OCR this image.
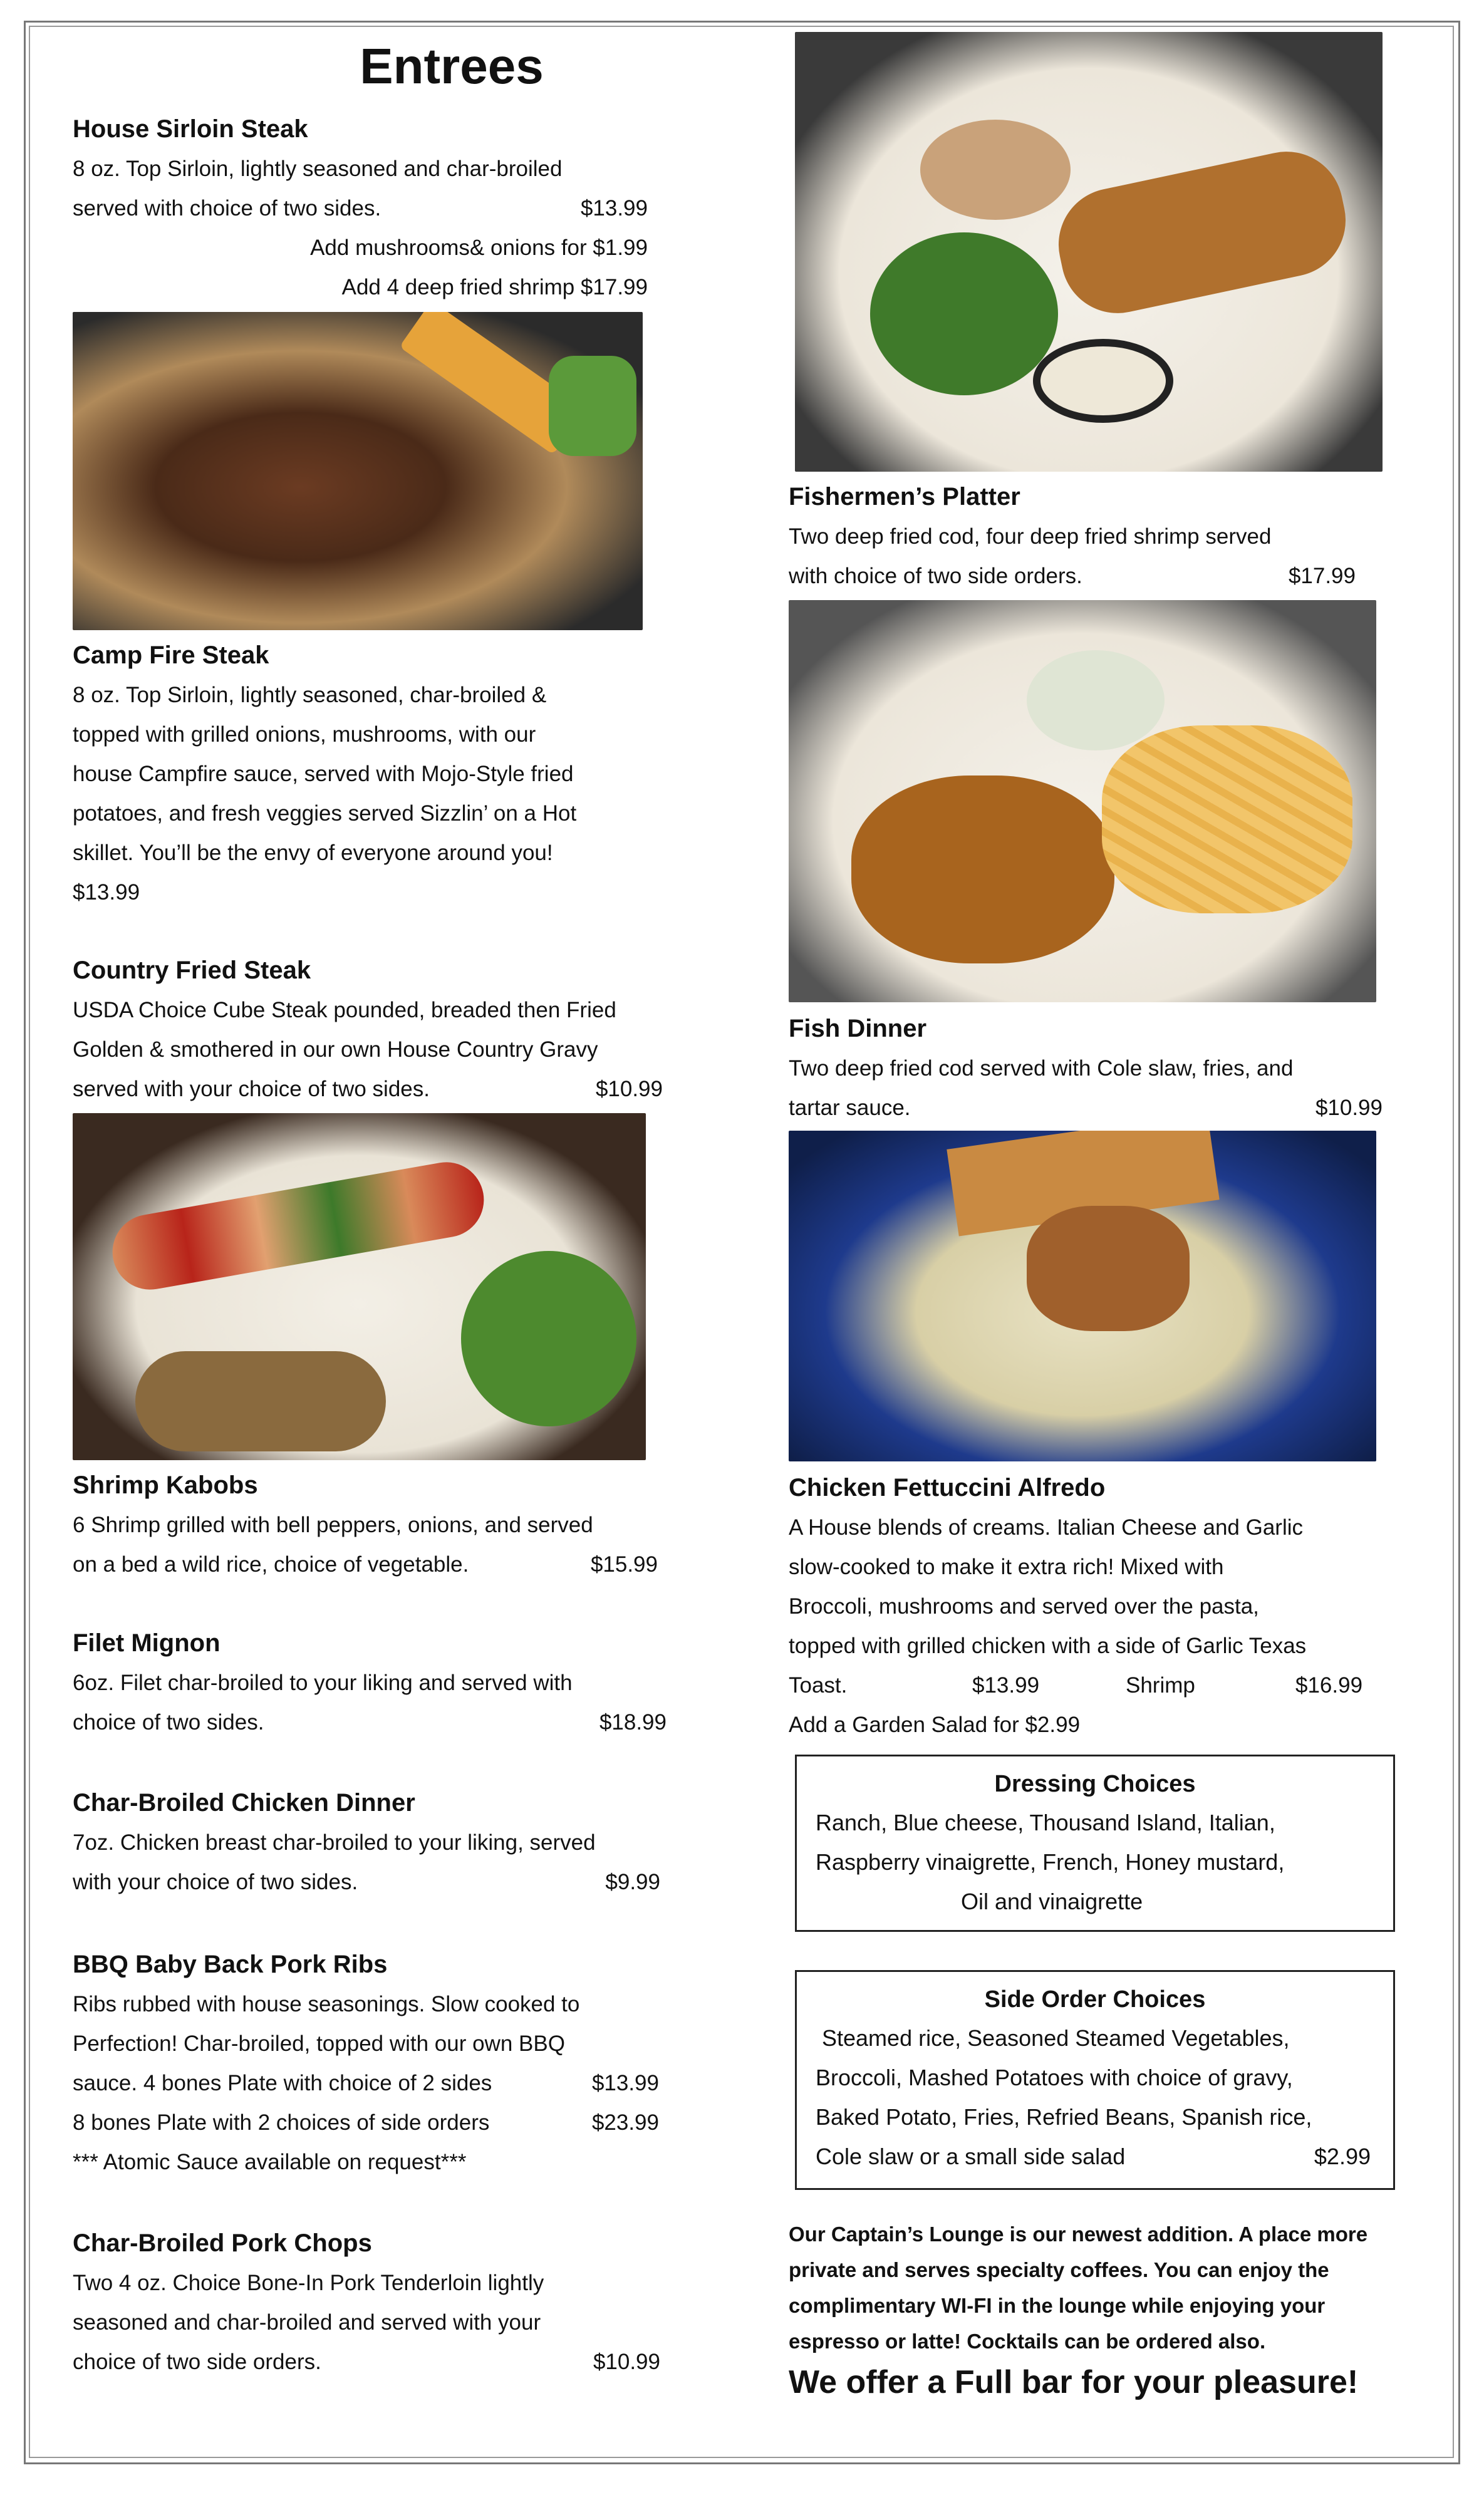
Entrees
House Sirloin Steak
8 oz. Top Sirloin, lightly seasoned and char-broiled
served with choice of two sides.	$13.99
Add mushrooms& onions for $1.99
Add 4 deep fried shrimp $17.99
Camp Fire Steak
8 oz. Top Sirloin, lightly seasoned, char-broiled &
topped with grilled onions, mushrooms, with our
house Campfire sauce, served with Mojo-Style fried
potatoes, and fresh veggies served Sizzlin’ on a Hot
skillet. You’ll be the envy of everyone around you!
$13.99
Country Fried Steak
USDA Choice Cube Steak pounded, breaded then Fried
Golden & smothered in our own House Country Gravy
served with your choice of two sides.	$10.99
Shrimp Kabobs
6 Shrimp grilled with bell peppers, onions, and served
on a bed a wild rice, choice of vegetable.	$15.99
Filet Mignon
6oz. Filet char-broiled to your liking and served with
choice of two sides.	$18.99
Char-Broiled Chicken Dinner
7oz. Chicken breast char-broiled to your liking, served
with your choice of two sides.	$9.99
BBQ Baby Back Pork Ribs
Ribs rubbed with house seasonings. Slow cooked to
Perfection! Char-broiled, topped with our own BBQ
sauce. 4 bones Plate with choice of 2 sides	$13.99
8 bones Plate with 2 choices of side orders	$23.99
*** Atomic Sauce available on request***
Char-Broiled Pork Chops
Two 4 oz. Choice Bone-In Pork Tenderloin lightly
seasoned and char-broiled and served with your
choice of two side orders.	$10.99
Fishermen’s Platter
Two deep fried cod, four deep fried shrimp served
with choice of two side orders.	$17.99
Fish Dinner
Two deep fried cod served with Cole slaw, fries, and
tartar sauce.	$10.99
Chicken Fettuccini Alfredo
A House blends of creams. Italian Cheese and Garlic
slow-cooked to make it extra rich! Mixed with
Broccoli, mushrooms and served over the pasta,
topped with grilled chicken with a side of Garlic Texas
Toast.	$13.99	Shrimp	$16.99
Add a Garden Salad for $2.99
Dressing Choices
Ranch, Blue cheese, Thousand Island, Italian,
Raspberry vinaigrette, French, Honey mustard,
Oil and vinaigrette
Side Order Choices
Steamed rice, Seasoned Steamed Vegetables,
Broccoli, Mashed Potatoes with choice of gravy,
Baked Potato, Fries, Refried Beans, Spanish rice,
Cole slaw or a small side salad	$2.99
Our Captain’s Lounge is our newest addition. A place more
private and serves specialty coffees. You can enjoy the
complimentary WI-FI in the lounge while enjoying your
espresso or latte! Cocktails can be ordered also.
We offer a Full bar for your pleasure!
